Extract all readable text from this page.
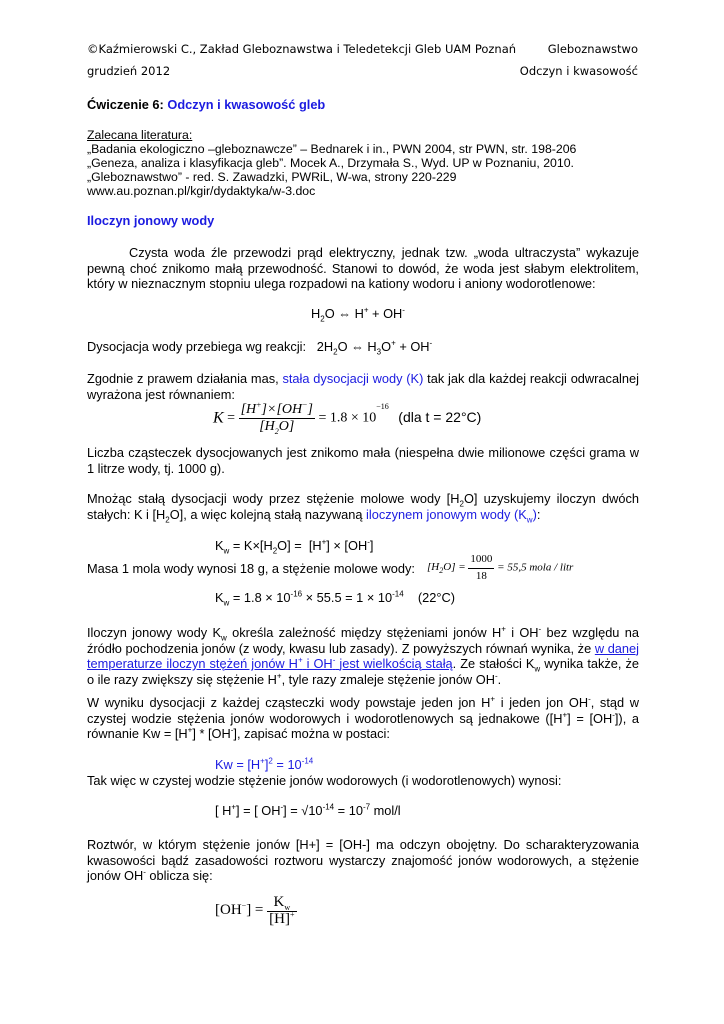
©Kaźmierowski C., Zakład Gleboznawstwa i Teledetekcji Gleb UAM Poznań	Gleboznawstwo
grudzień 2012	Odczyn i kwasowość
Ćwiczenie 6: Odczyn i kwasowość gleb
Zalecana literatura:
„Badania ekologiczno –gleboznawcze” – Bednarek i in., PWN 2004, str PWN, str. 198-206
„Geneza, analiza i klasyfikacja gleb”. Mocek A., Drzymała S., Wyd. UP w Poznaniu, 2010.
„Gleboznawstwo” - red. S. Zawadzki, PWRiL, W-wa, strony 220-229
www.au.poznan.pl/kgir/dydaktyka/w-3.doc
Iloczyn jonowy wody

Czysta woda źle przewodzi prąd elektryczny, jednak tzw. „woda ultraczysta” wykazuje pewną choć znikomo małą przewodność. Stanowi to dowód, że woda jest słabym elektrolitem, który w nieznacznym stopniu ulega rozpadowi na kationy wodoru i aniony wodorotlenowe:

$H_2O$ ⇔ H+ + OH-
Dysocjacja wody przebiega wg reakcji:   $2H_2O$ ⇔ $H_3O^+ + OH^-$

Zgodnie z prawem działania mas, stała dysocjacji wody (K) tak jak dla każdej reakcji odwracalnej wyrażona jest równaniem:

$K = \frac{[H^+]\times[OH^-]}{[H_2O]} = 1.8 \times 10^{-16}$ (dla t = 22°C)

Liczba cząsteczek dysocjowanych jest znikomo mała (niespełna dwie milionowe części grama w 1 litrze wody, tj. 1000 g).

Mnożąc stałą dysocjacji wody przez stężenie molowe wody $[H_2O]$ uzyskujemy iloczyn dwóch stałych: K i $[H_2O]$, a więc kolejną stałą nazywaną iloczynem jonowym wody $(K_w)$:

$K_w = K\times[H_2O] = [H^+] \times [OH^-]$
Masa 1 mola wody wynosi 18 g, a stężenie molowe wody: $[H_2O] = \frac{1000}{18} = 55,5$ mola / litr
$K_w = 1.8 \times 10^{-16} \times 55.5 = 1 \times 10^{-14}$ (22°C)

Iloczyn jonowy wody $K_w$ określa zależność między stężeniami jonów H+ i OH- bez względu na źródło pochodzenia jonów (z wody, kwasu lub zasady). Z powyższych równań wynika, że w danej temperaturze iloczyn stężeń jonów H+ i OH- jest wielkością stałą. Ze stałości $K_w$ wynika także, że o ile razy zwiększy się stężenie H+, tyle razy zmaleje stężenie jonów OH-.

W wyniku dysocjacji z każdej cząsteczki wody powstaje jeden jon H+ i jeden jon OH-, stąd w czystej wodzie stężenia jonów wodorowych i wodorotlenowych są jednakowe ([H+] = [OH-]), a równanie Kw = [H+] * [OH-], zapisać można w postaci:

$Kw = [H^+]^2 = 10^{-14}$
Tak więc w czystej wodzie stężenie jonów wodorowych (i wodorotlenowych) wynosi:
[ H+] = [ $OH^-] = √10^{-14} = 10^{-7}$ mol/l

Roztwór, w którym stężenie jonów [H+] = [OH-] ma odczyn obojętny. Do scharakteryzowania kwasowości bądź zasadowości roztworu wystarczy znajomość jonów wodorowych, a stężenie jonów OH- oblicza się:

$[OH^-] = \frac{K_w}{[H]^+}$
